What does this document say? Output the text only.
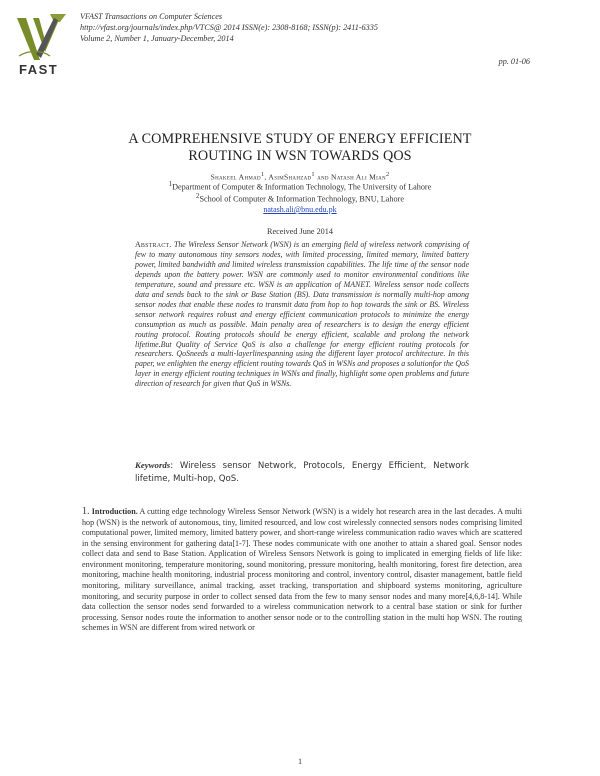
FAST
VFAST Transactions on Computer Sciences
http://vfast.org/journals/index.php/VTCS@ 2014 ISSN(e): 2308-8168; ISSN(p): 2411-6335
Volume 2, Number 1, January-December, 2014
pp. 01-06
A COMPREHENSIVE STUDY OF ENERGY EFFICIENT
ROUTING IN WSN TOWARDS QOS
Shakeel Ahmad$^1$, AsimShahzad$^1$ and Natash Ali Mian$^2$
$^1$Department of Computer & Information Technology, The University of Lahore
$^2$School of Computer & Information Technology, BNU, Lahore
natash.ali@bnu.edu.pk
Received June 2014
Abstract. The Wireless Sensor Network (WSN) is an emerging field of wireless network comprising of few to many autonomous tiny sensors nodes, with limited processing, limited memory, limited battery power, limited bandwidth and limited wireless transmission capabilities. The life time of the sensor node depends upon the battery power. WSN are commonly used to monitor environmental conditions like temperature, sound and pressure etc. WSN is an application of MANET. Wireless sensor node collects data and sends back to the sink or Base Station (BS). Data transmission is normally multi-hop among sensor nodes that enable these nodes to transmit data from hop to hop towards the sink or BS. Wireless sensor network requires robust and energy efficient communication protocols to minimize the energy consumption as much as possible. Main penalty area of researchers is to design the energy efficient routing protocol. Routing protocols should be energy efficient, scalable and prolong the network lifetime.But Quality of Service QoS is also a challenge for energy efficient routing protocols for researchers. QoSneeds a multi-layerlinespanning using the different layer protocol architecture. In this paper, we enlighten the energy efficient routing towards QoS in WSNs and proposes a solutionfor the QoS layer in energy efficient routing techniques in WSNs and finally, highlight some open problems and future direction of research for given that QoS in WSNs.
Keywords: Wireless sensor Network, Protocols, Energy Efficient, Network lifetime, Multi-hop, QoS.
1. Introduction. A cutting edge technology Wireless Sensor Network (WSN) is a widely hot research area in the last decades. A multi hop (WSN) is the network of autonomous, tiny, limited resourced, and low cost wirelessly connected sensors nodes comprising limited computational power, limited memory, limited battery power, and short-range wireless communication radio waves which are scattered in the sensing environment for gathering data[1-7]. These nodes communicate with one another to attain a shared goal. Sensor nodes collect data and send to Base Station. Application of Wireless Sensors Network is going to implicated in emerging fields of life like: environment monitoring, temperature monitoring, sound monitoring, pressure monitoring, health monitoring, forest fire detection, area monitoring, machine health monitoring, industrial process monitoring and control, inventory control, disaster management, battle field monitoring, military surveillance, animal tracking, asset tracking, transportation and shipboard systems monitoring, agriculture monitoring, and security purpose in order to collect sensed data from the few to many sensor nodes and many more[4,6,8-14]. While data collection the sensor nodes send forwarded to a wireless communication network to a central base station or sink for further processing. Sensor nodes route the information to another sensor node or to the controlling station in the multi hop WSN. The routing schemes in WSN are different from wired network or
1
